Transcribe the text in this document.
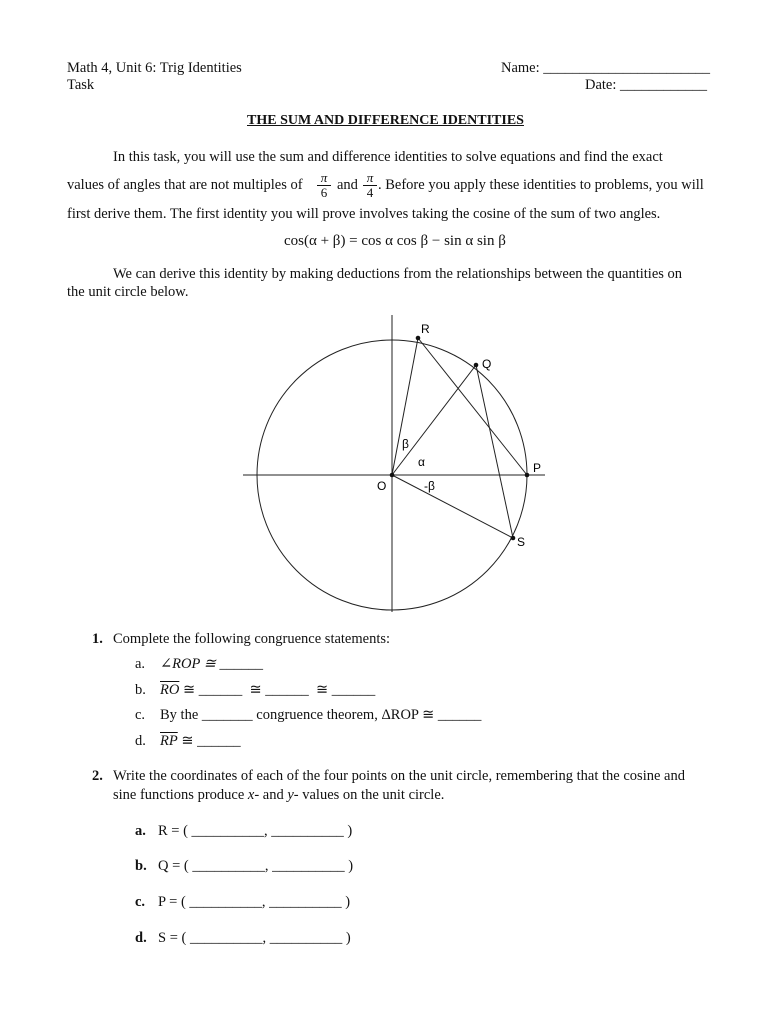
Math 4, Unit 6: Trig Identities
Task
Name: _______________________
Date: ____________
THE SUM AND DIFFERENCE IDENTITIES
In this task, you will use the sum and difference identities to solve equations and find the exact
values of angles that are not multiples of $\frac{\pi}{6}$ and $\frac{\pi}{4}$ . Before you apply these identities to problems, you will
first derive them. The first identity you will prove involves taking the cosine of the sum of two angles.
cos(α + β) = cos α cos β − sin α sin β
We can derive this identity by making deductions from the relationships between the quantities on
the unit circle below.
R
Q
P
S
O
β
α
-β
1. Complete the following congruence statements:
a. ∠ROP ≅ ______
b. $\overline{RO}$ ≅ ______  ≅ ______  ≅ ______
c. By the _______ congruence theorem, ΔROP ≅ ______
d. $\overline{RP}$ ≅ ______
2. Write the coordinates of each of the four points on the unit circle, remembering that the cosine and
sine functions produce x- and y- values on the unit circle.
a. R = ( __________, __________ )
b. Q = ( __________, __________ )
c. P = ( __________, __________ )
d. S = ( __________, __________ )
